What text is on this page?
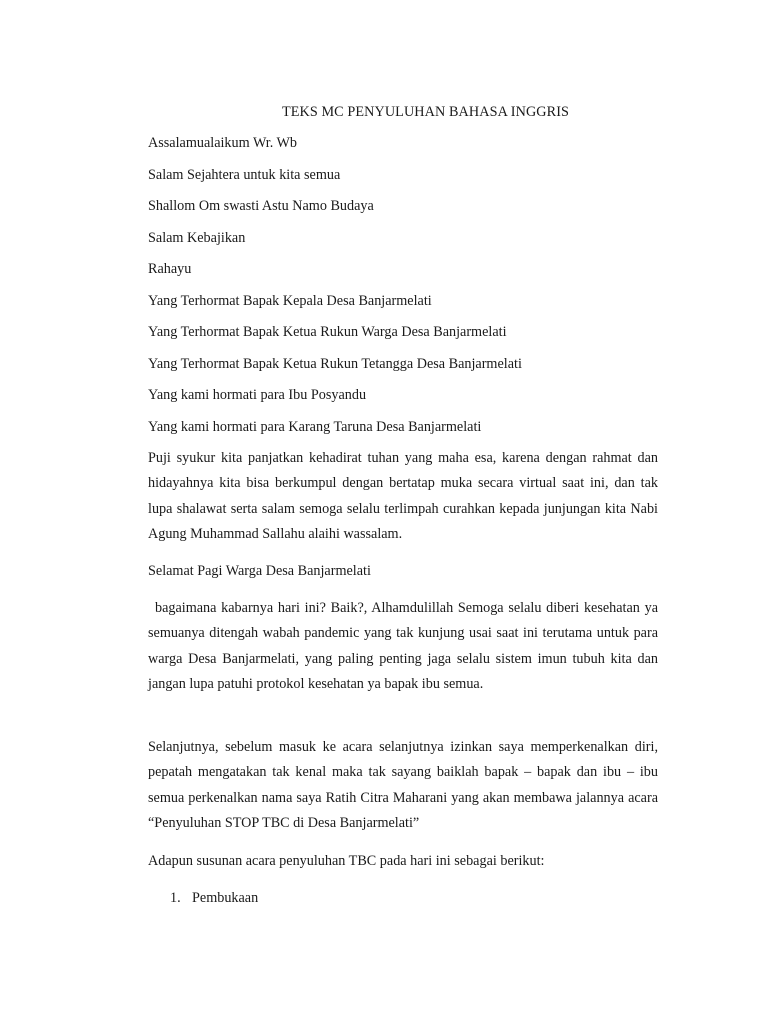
TEKS MC PENYULUHAN BAHASA INGGRIS
Assalamualaikum Wr. Wb
Salam Sejahtera untuk kita semua
Shallom Om swasti Astu Namo Budaya
Salam Kebajikan
Rahayu
Yang Terhormat Bapak Kepala Desa Banjarmelati
Yang Terhormat Bapak Ketua Rukun Warga Desa Banjarmelati
Yang Terhormat Bapak Ketua Rukun Tetangga Desa Banjarmelati
Yang kami hormati para Ibu Posyandu
Yang kami hormati para Karang Taruna Desa Banjarmelati
Puji syukur kita panjatkan kehadirat tuhan yang maha esa, karena dengan rahmat dan hidayahnya kita bisa berkumpul dengan bertatap muka secara virtual saat ini, dan tak lupa shalawat serta salam semoga selalu terlimpah curahkan kepada junjungan kita Nabi Agung Muhammad Sallahu alaihi wassalam.
Selamat Pagi Warga Desa Banjarmelati
bagaimana kabarnya hari ini? Baik?, Alhamdulillah Semoga selalu diberi kesehatan ya semuanya ditengah wabah pandemic yang tak kunjung usai saat ini terutama untuk para warga Desa Banjarmelati, yang paling penting jaga selalu sistem imun tubuh kita dan jangan lupa patuhi protokol kesehatan ya bapak ibu semua.
Selanjutnya, sebelum masuk ke acara selanjutnya izinkan saya memperkenalkan diri, pepatah mengatakan tak kenal maka tak sayang baiklah bapak – bapak dan ibu – ibu semua perkenalkan nama saya Ratih Citra Maharani yang akan membawa jalannya acara “Penyuluhan STOP TBC di Desa Banjarmelati”
Adapun susunan acara penyuluhan TBC pada hari ini sebagai berikut:
1. Pembukaan
